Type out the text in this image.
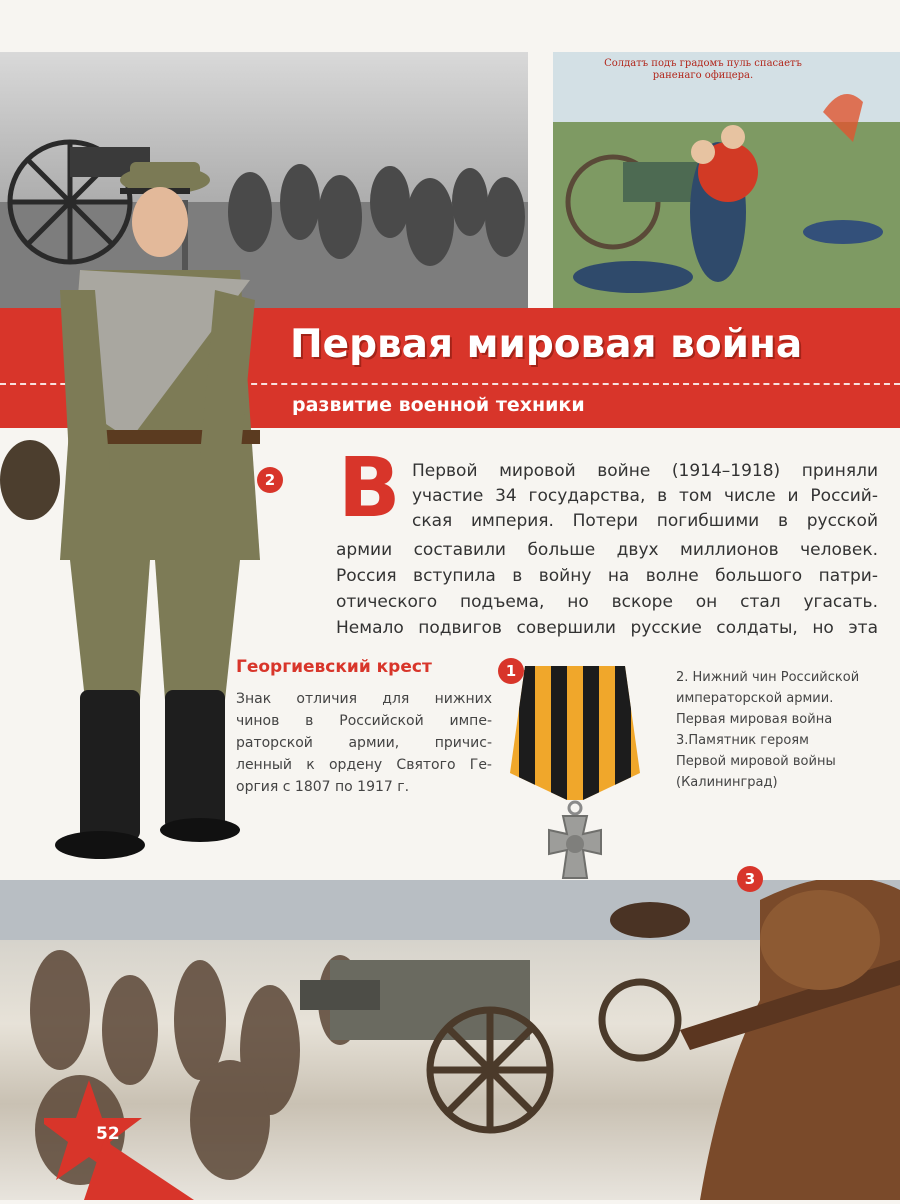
Солдатъ подъ градомъ пуль спасаетъ раненаго офицера.
Первая мировая война
развитие военной техники
2 В Первой мировой войне (1914–1918) приняли
участие 34 государства, в том числе и Россий-
ская империя. Потери погибшими в русской
армии составили больше двух миллионов человек.
Россия вступила в войну на волне большого патри-
отического подъема, но вскоре он стал угасать.
Немало подвигов совершили русские солдаты, но эта
Георгиевский крест
Знак отличия для нижних
чинов в Российской импе-
раторской армии, причис-
ленный к ордену Святого Ге-
оргия с 1807 по 1917 г.
1	2. Нижний чин Российской
императорской армии.
Первая мировая война
3.Памятник героям
Первой мировой войны
(Калининград)
3
52
